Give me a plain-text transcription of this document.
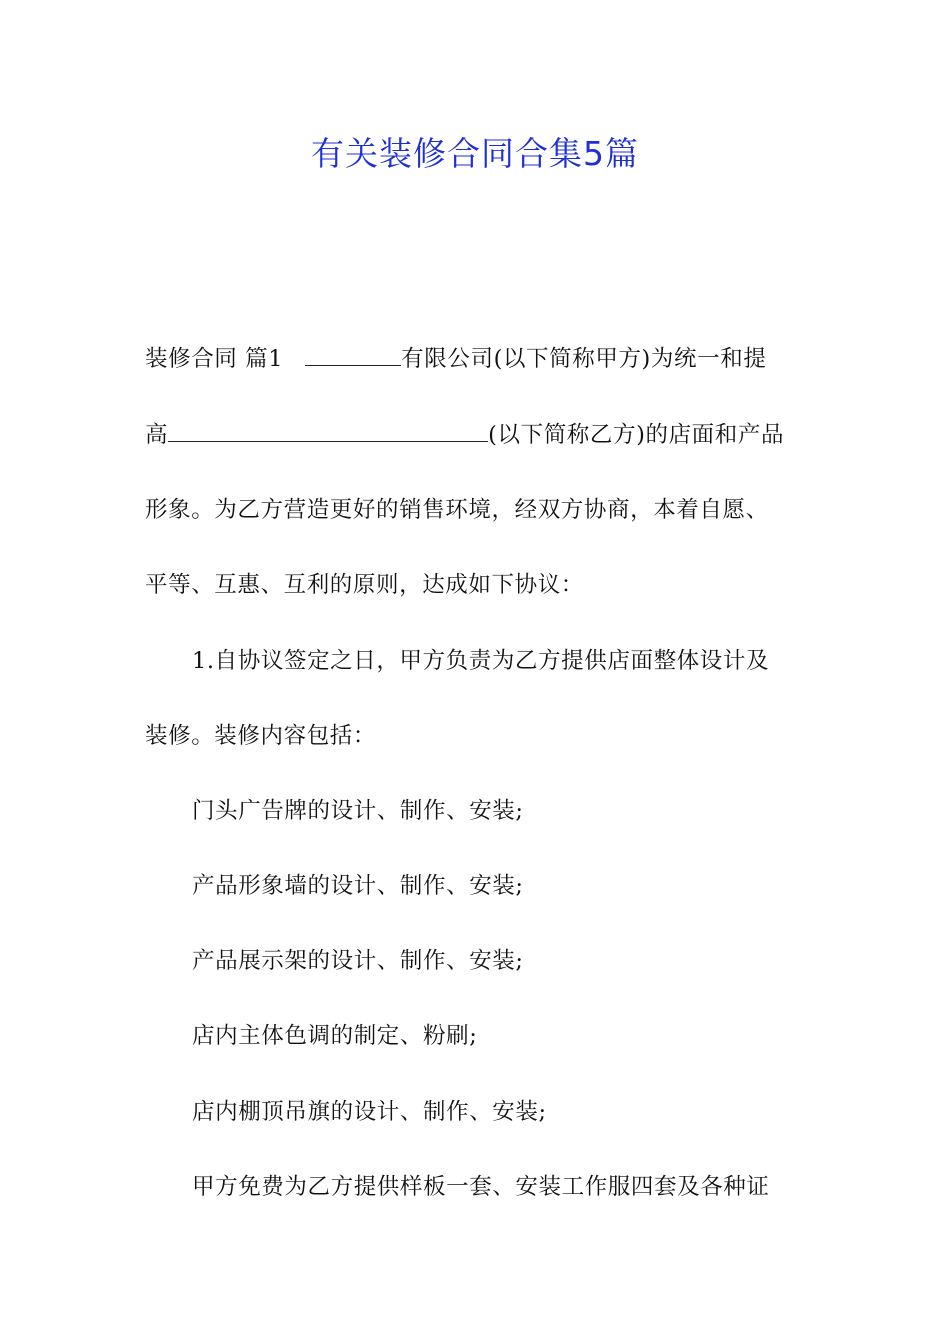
有关装修合同合集5篇
装修合同 篇1	有限公司(以下简称甲方)为统一和提
高	(以下简称乙方)的店面和产品
形象。为乙方营造更好的销售环境，经双方协商，本着自愿、
平等、互惠、互利的原则，达成如下协议：
1.自协议签定之日，甲方负责为乙方提供店面整体设计及
装修。装修内容包括：
门头广告牌的设计、制作、安装;
产品形象墙的设计、制作、安装;
产品展示架的设计、制作、安装;
店内主体色调的制定、粉刷;
店内棚顶吊旗的设计、制作、安装;
甲方免费为乙方提供样板一套、安装工作服四套及各种证
